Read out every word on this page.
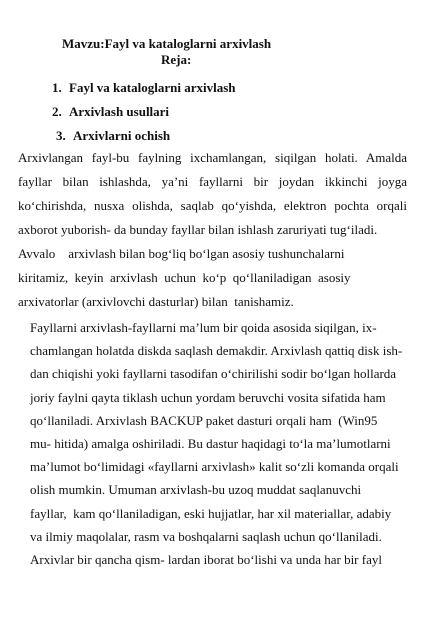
Mavzu:Fayl va kataloglarni arxivlash
Reja:
1. Fayl va kataloglarni arxivlash
2. Arxivlash usullari
3. Arxivlarni ochish
Arxivlangan fayl-bu faylning ixchamlangan, siqilgan holati. Amalda
fayllar bilan ishlashda, ya’ni fayllarni bir joydan ikkinchi joyga
ko‘chirishda, nusxa olishda, saqlab qo‘yishda, elektron pochta orqali
axborot yuborish- da bunday fayllar bilan ishlash zaruriyati tug‘iladi.
Avvalo    arxivlash bilan bog‘liq bo‘lgan asosiy tushunchalarni
kiritamiz,  keyin  arxivlash  uchun  ko‘p  qo‘llaniladigan  asosiy
arxivatorlar (arxivlovchi dasturlar) bilan  tanishamiz.
Fayllarni arxivlash-fayllarni ma’lum bir qoida asosida siqilgan, ix-
chamlangan holatda diskda saqlash demakdir. Arxivlash qattiq disk ish-
dan chiqishi yoki fayllarni tasodifan o‘chirilishi sodir bo‘lgan hollarda
joriy faylni qayta tiklash uchun yordam beruvchi vosita sifatida ham
qo‘llaniladi. Arxivlash BACKUP paket dasturi orqali ham  (Win95
mu- hitida) amalga oshiriladi. Bu dastur haqidagi to‘la ma’lumotlarni
ma’lumot bo‘limidagi «fayllarni arxivlash» kalit so‘zli komanda orqali
olish mumkin. Umuman arxivlash-bu uzoq muddat saqlanuvchi
fayllar,  kam qo‘llaniladigan, eski hujjatlar, har xil materiallar, adabiy
va ilmiy maqolalar, rasm va boshqalarni saqlash uchun qo‘llaniladi.
Arxivlar bir qancha qism- lardan iborat bo‘lishi va unda har bir fayl
